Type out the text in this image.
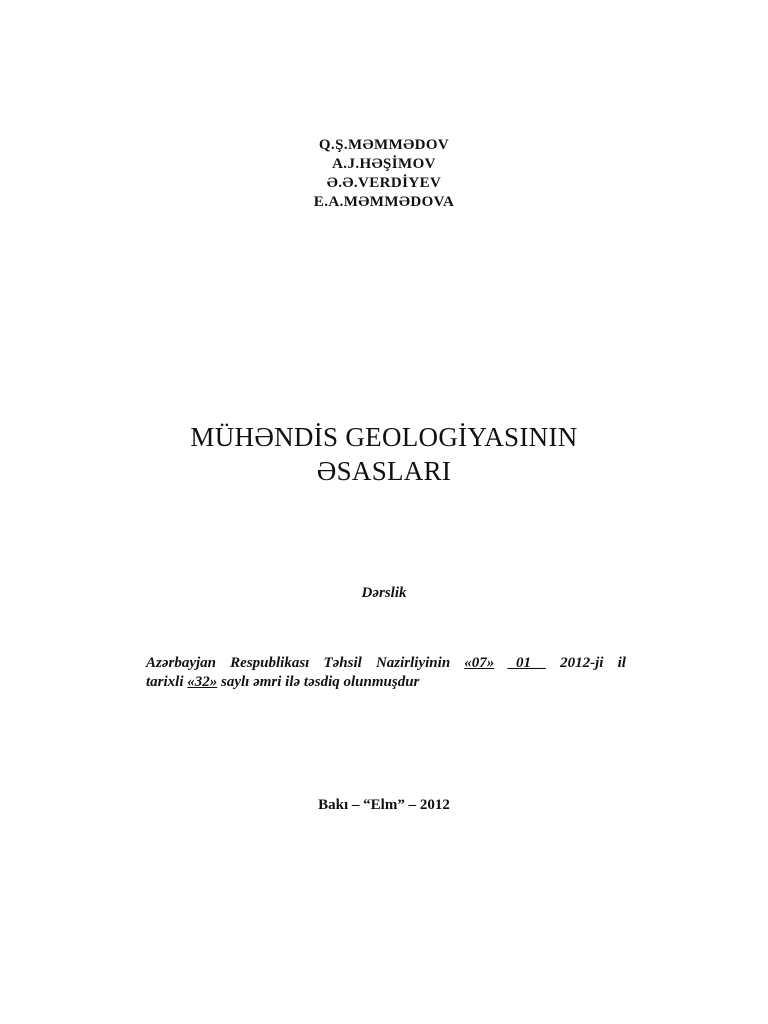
Q.Ş.MƏMMƏDOV
A.J.HƏŞİMOV
Ə.Ə.VERDİYEV
E.A.MƏMMƏDOVA
MÜHƏNDİS GEOLOGİYASININ
ƏSASLARI
Dərslik
Azərbayjan Respublikası Təhsil Nazirliyinin «07» _01__ 2012-ji il
tarixli «32» saylı əmri ilə təsdiq olunmuşdur
Bakı – “Elm” – 2012
